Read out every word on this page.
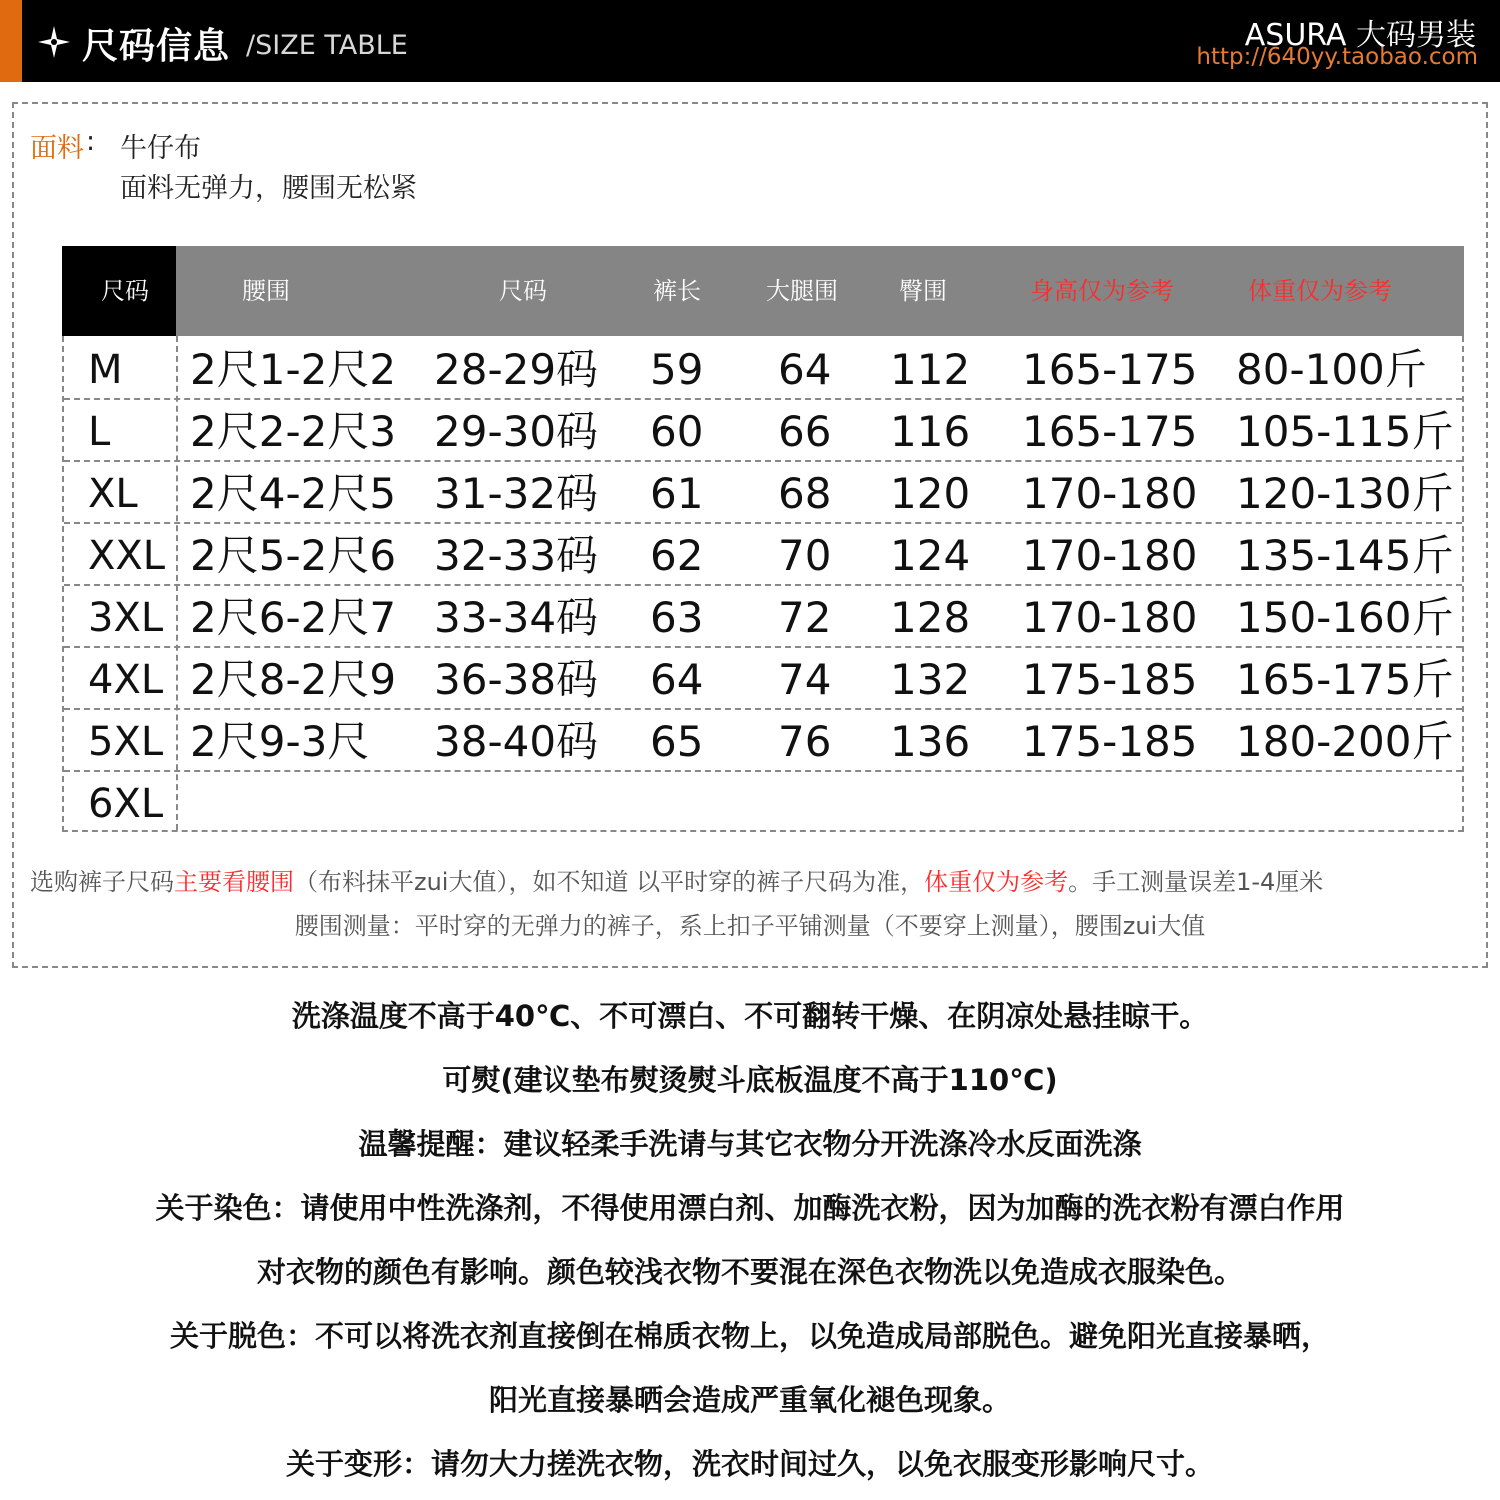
尺码信息 /SIZE TABLE	ASURA 大码男装
http://640yy.taobao.com
面料 : 牛仔布
面料无弹力，腰围无松紧
尺码	腰围	尺码	裤长	大腿围	臀围	身高仅为参考	体重仅为参考
M 2尺1-2尺2 28-29码 59 64 112 165-175 80-100斤
L 2尺2-2尺3 29-30码 60 66 116 165-175 105-115斤
XL 2尺4-2尺5 31-32码 61 68 120 170-180 120-130斤
XXL 2尺5-2尺6 32-33码 62 70 124 170-180 135-145斤
3XL 2尺6-2尺7 33-34码 63 72 128 170-180 150-160斤
4XL 2尺8-2尺9 36-38码 64 74 132 175-185 165-175斤
5XL 2尺9-3尺 38-40码 65 76 136 175-185 180-200斤
6XL
选购裤子尺码主要看腰围（布料抹平zui大值），如不知道 以平时穿的裤子尺码为准，体重仅为参考。手工测量误差1-4厘米
腰围测量：平时穿的无弹力的裤子，系上扣子平铺测量（不要穿上测量），腰围zui大值
洗涤温度不高于40℃、不可漂白、不可翻转干燥、在阴凉处悬挂晾干。
可熨(建议垫布熨烫熨斗底板温度不高于110℃)
温馨提醒：建议轻柔手洗请与其它衣物分开洗涤冷水反面洗涤
关于染色：请使用中性洗涤剂，不得使用漂白剂、加酶洗衣粉，因为加酶的洗衣粉有漂白作用
对衣物的颜色有影响。颜色较浅衣物不要混在深色衣物洗以免造成衣服染色。
关于脱色：不可以将洗衣剂直接倒在棉质衣物上，以免造成局部脱色。避免阳光直接暴晒，
阳光直接暴晒会造成严重氧化褪色现象。
关于变形：请勿大力搓洗衣物，洗衣时间过久，以免衣服变形影响尺寸。
